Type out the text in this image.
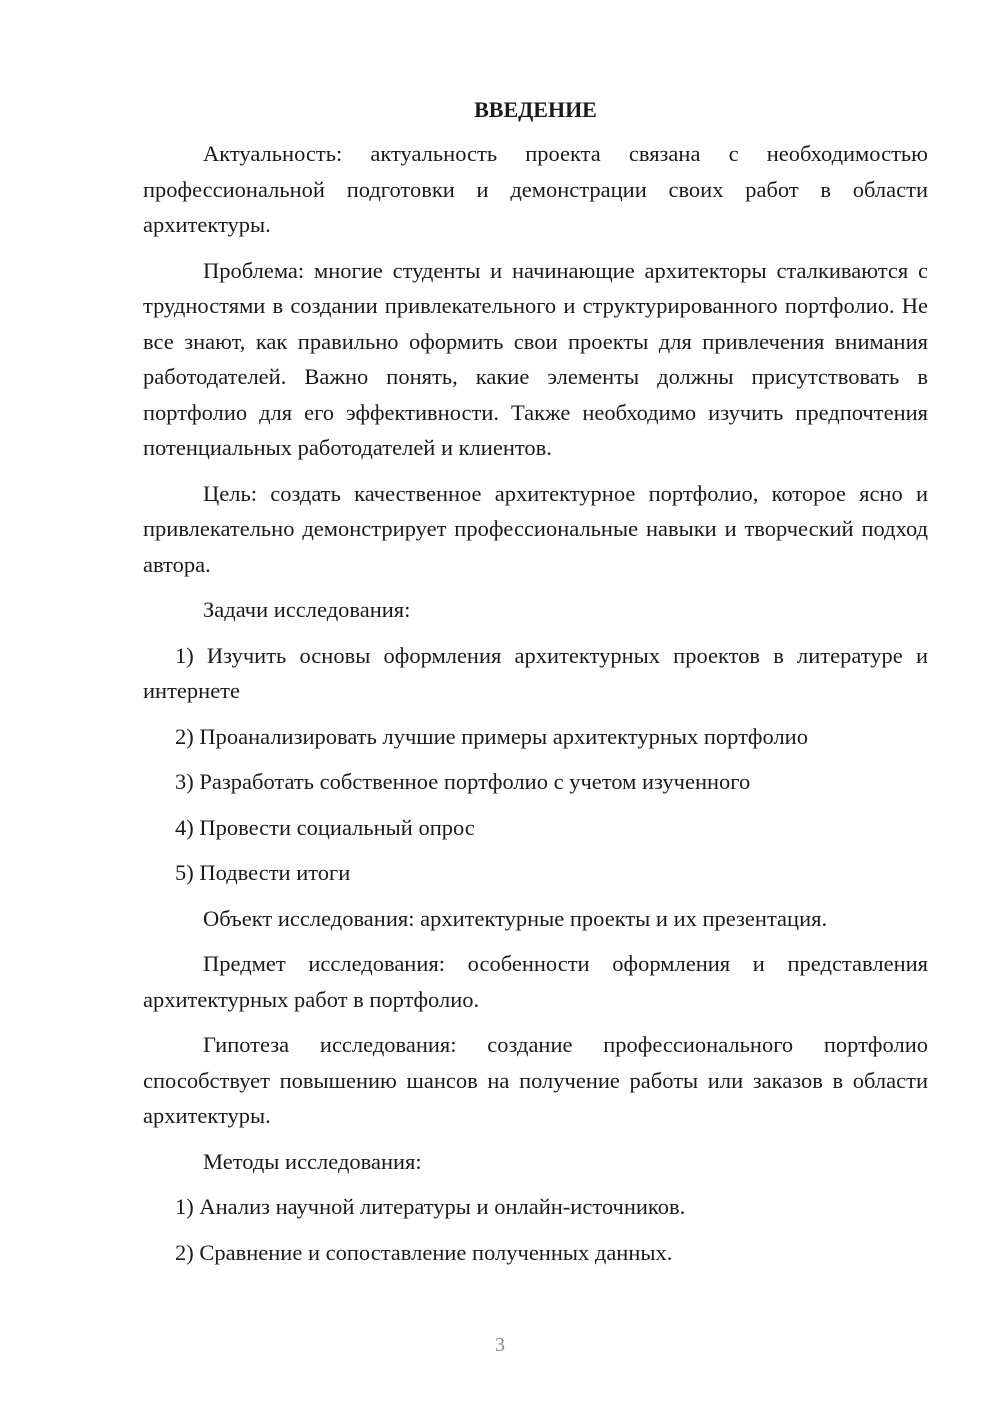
ВВЕДЕНИЕ

Актуальность: актуальность проекта связана с необходимостью профессиональной подготовки и демонстрации своих работ в области архитектуры.

Проблема: многие студенты и начинающие архитекторы сталкиваются с трудностями в создании привлекательного и структурированного портфолио. Не все знают, как правильно оформить свои проекты для привлечения внимания работодателей. Важно понять, какие элементы должны присутствовать в портфолио для его эффективности. Также необходимо изучить предпочтения потенциальных работодателей и клиентов.

Цель: создать качественное архитектурное портфолио, которое ясно и привлекательно демонстрирует профессиональные навыки и творческий подход автора.

Задачи исследования:

1) Изучить основы оформления архитектурных проектов в литературе и интернете

2) Проанализировать лучшие примеры архитектурных портфолио

3) Разработать собственное портфолио с учетом изученного

4) Провести социальный опрос

5) Подвести итоги

Объект исследования: архитектурные проекты и их презентация.

Предмет исследования: особенности оформления и представления архитектурных работ в портфолио.

Гипотеза исследования: создание профессионального портфолио способствует повышению шансов на получение работы или заказов в области архитектуры.

Методы исследования:

1) Анализ научной литературы и онлайн-источников.

2) Сравнение и сопоставление полученных данных.

3
